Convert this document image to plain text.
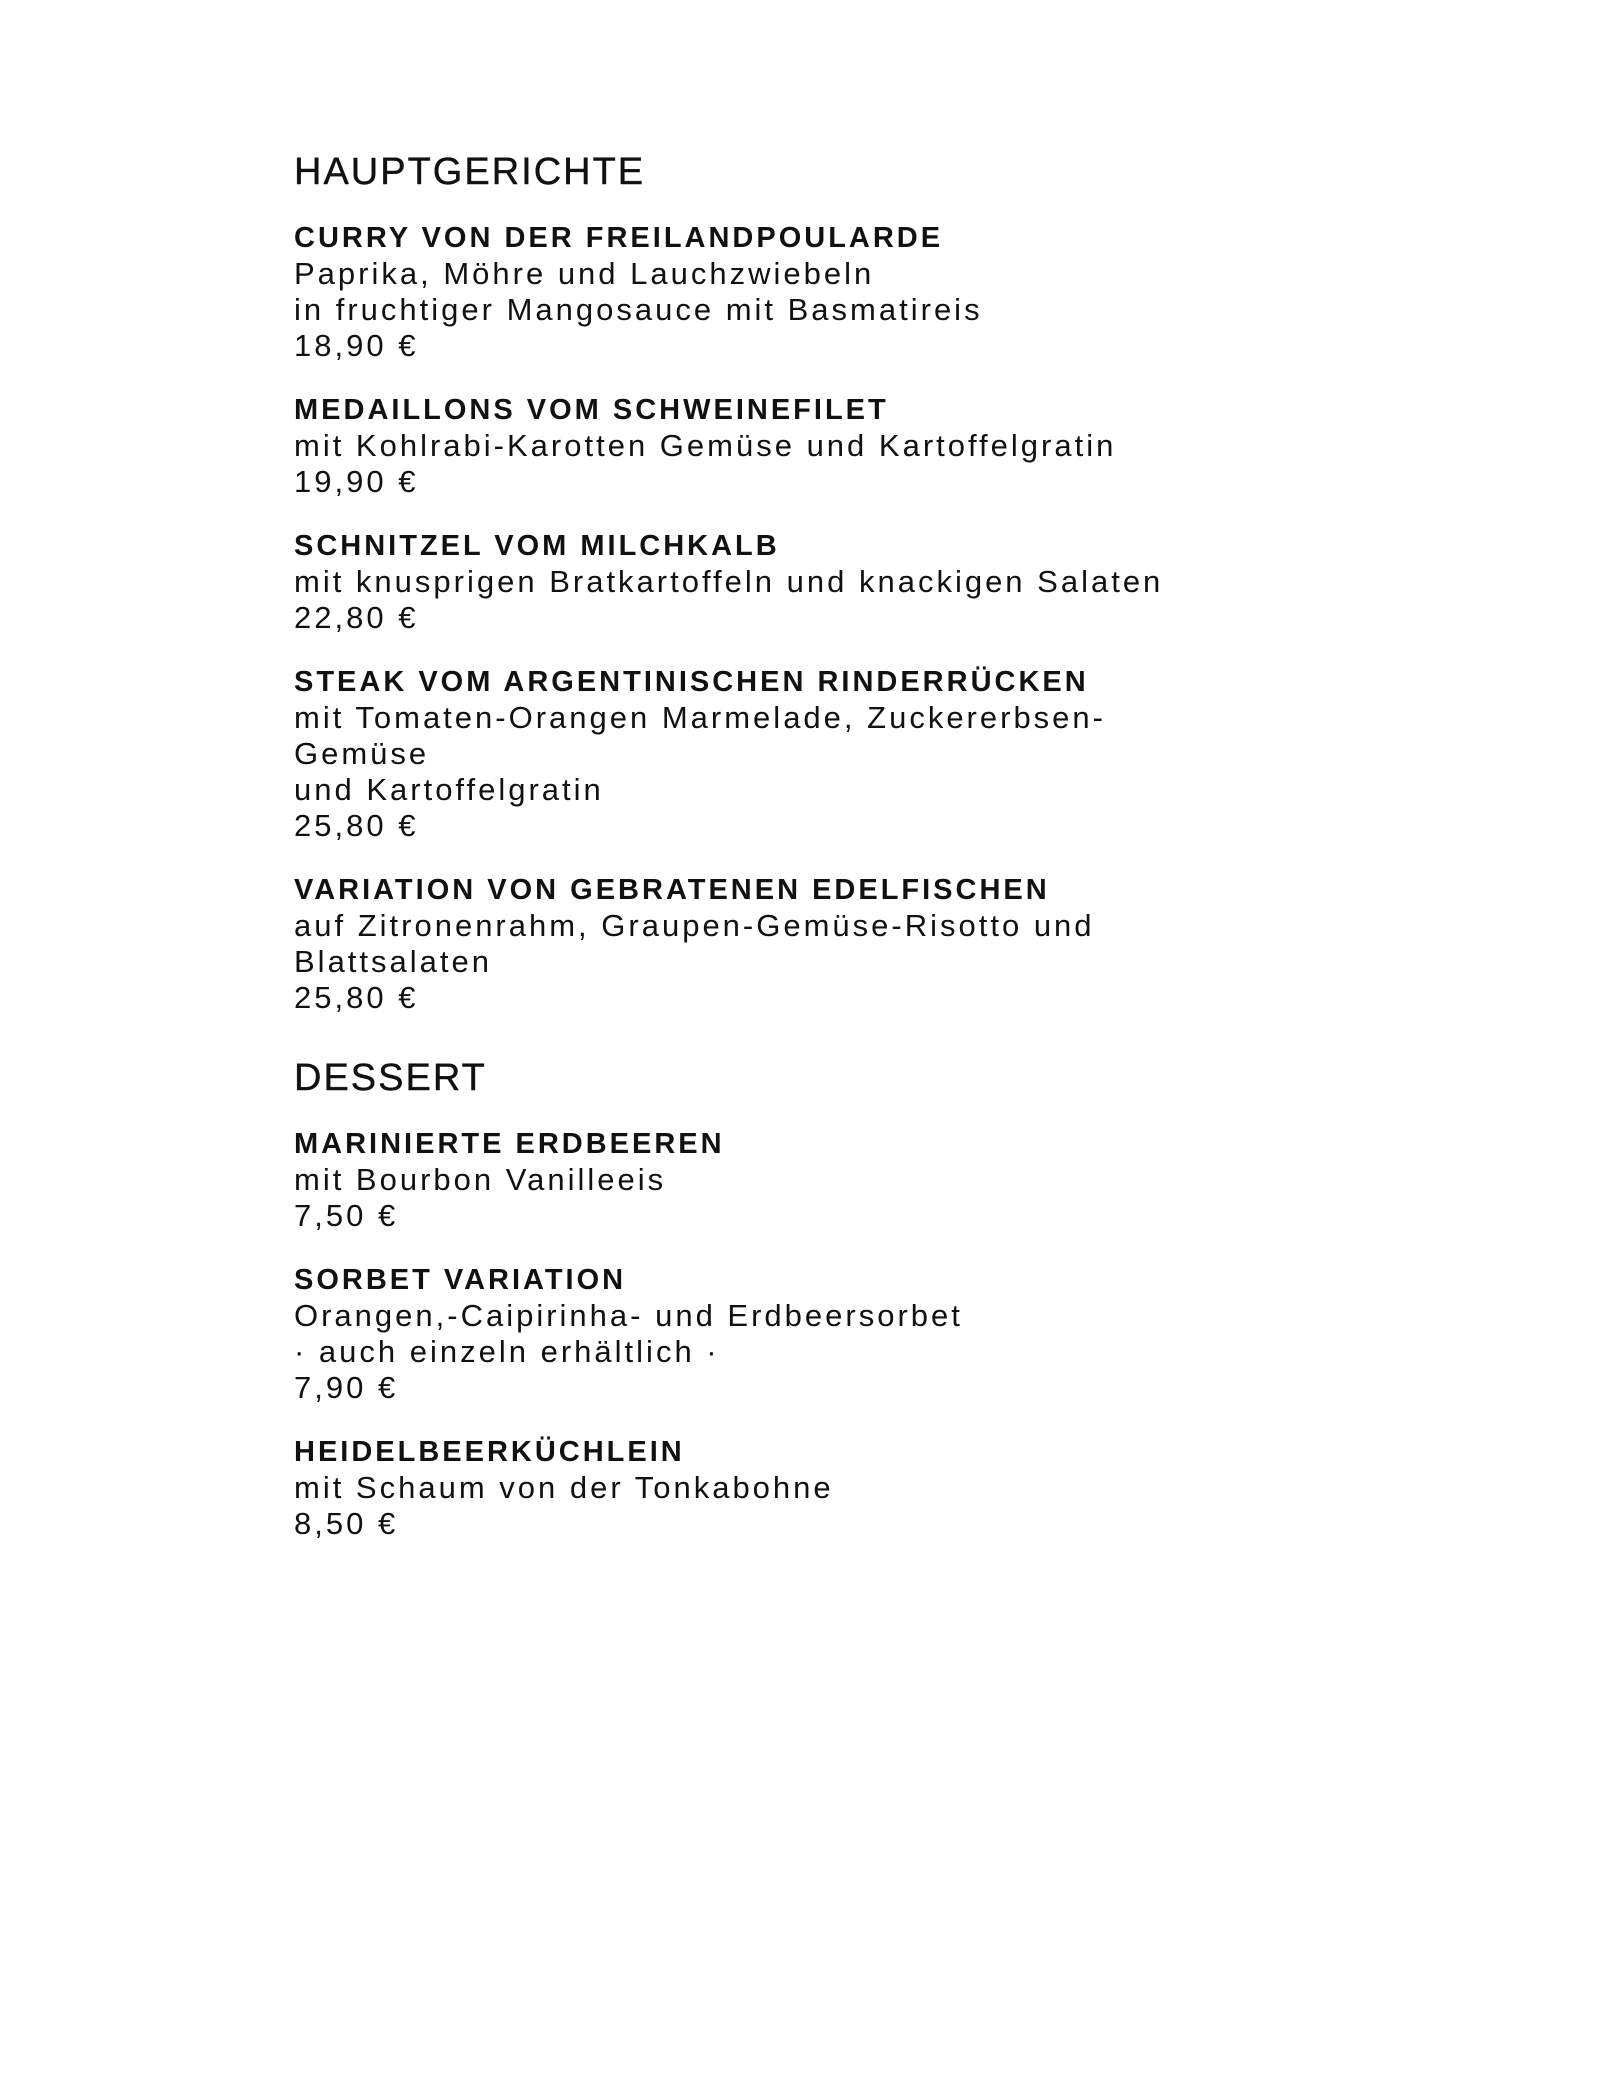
HAUPTGERICHTE

CURRY VON DER FREILANDPOULARDE

Paprika, Möhre und Lauchzwiebeln

in fruchtiger Mangosauce mit Basmatireis

18,90 €

MEDAILLONS VOM SCHWEINEFILET

mit Kohlrabi-Karotten Gemüse und Kartoffelgratin

19,90 €

SCHNITZEL VOM MILCHKALB

mit knusprigen Bratkartoffeln und knackigen Salaten

22,80 €

STEAK VOM ARGENTINISCHEN RINDERRÜCKEN

mit Tomaten-Orangen Marmelade, Zuckererbsen-

Gemüse

und Kartoffelgratin

25,80 €

VARIATION VON GEBRATENEN EDELFISCHEN

auf Zitronenrahm, Graupen-Gemüse-Risotto und

Blattsalaten

25,80 €

DESSERT

MARINIERTE ERDBEEREN

mit Bourbon Vanilleeis

7,50 €

SORBET VARIATION

Orangen,-Caipirinha- und Erdbeersorbet

· auch einzeln erhältlich ·

7,90 €

HEIDELBEERKÜCHLEIN

mit Schaum von der Tonkabohne

8,50 €
